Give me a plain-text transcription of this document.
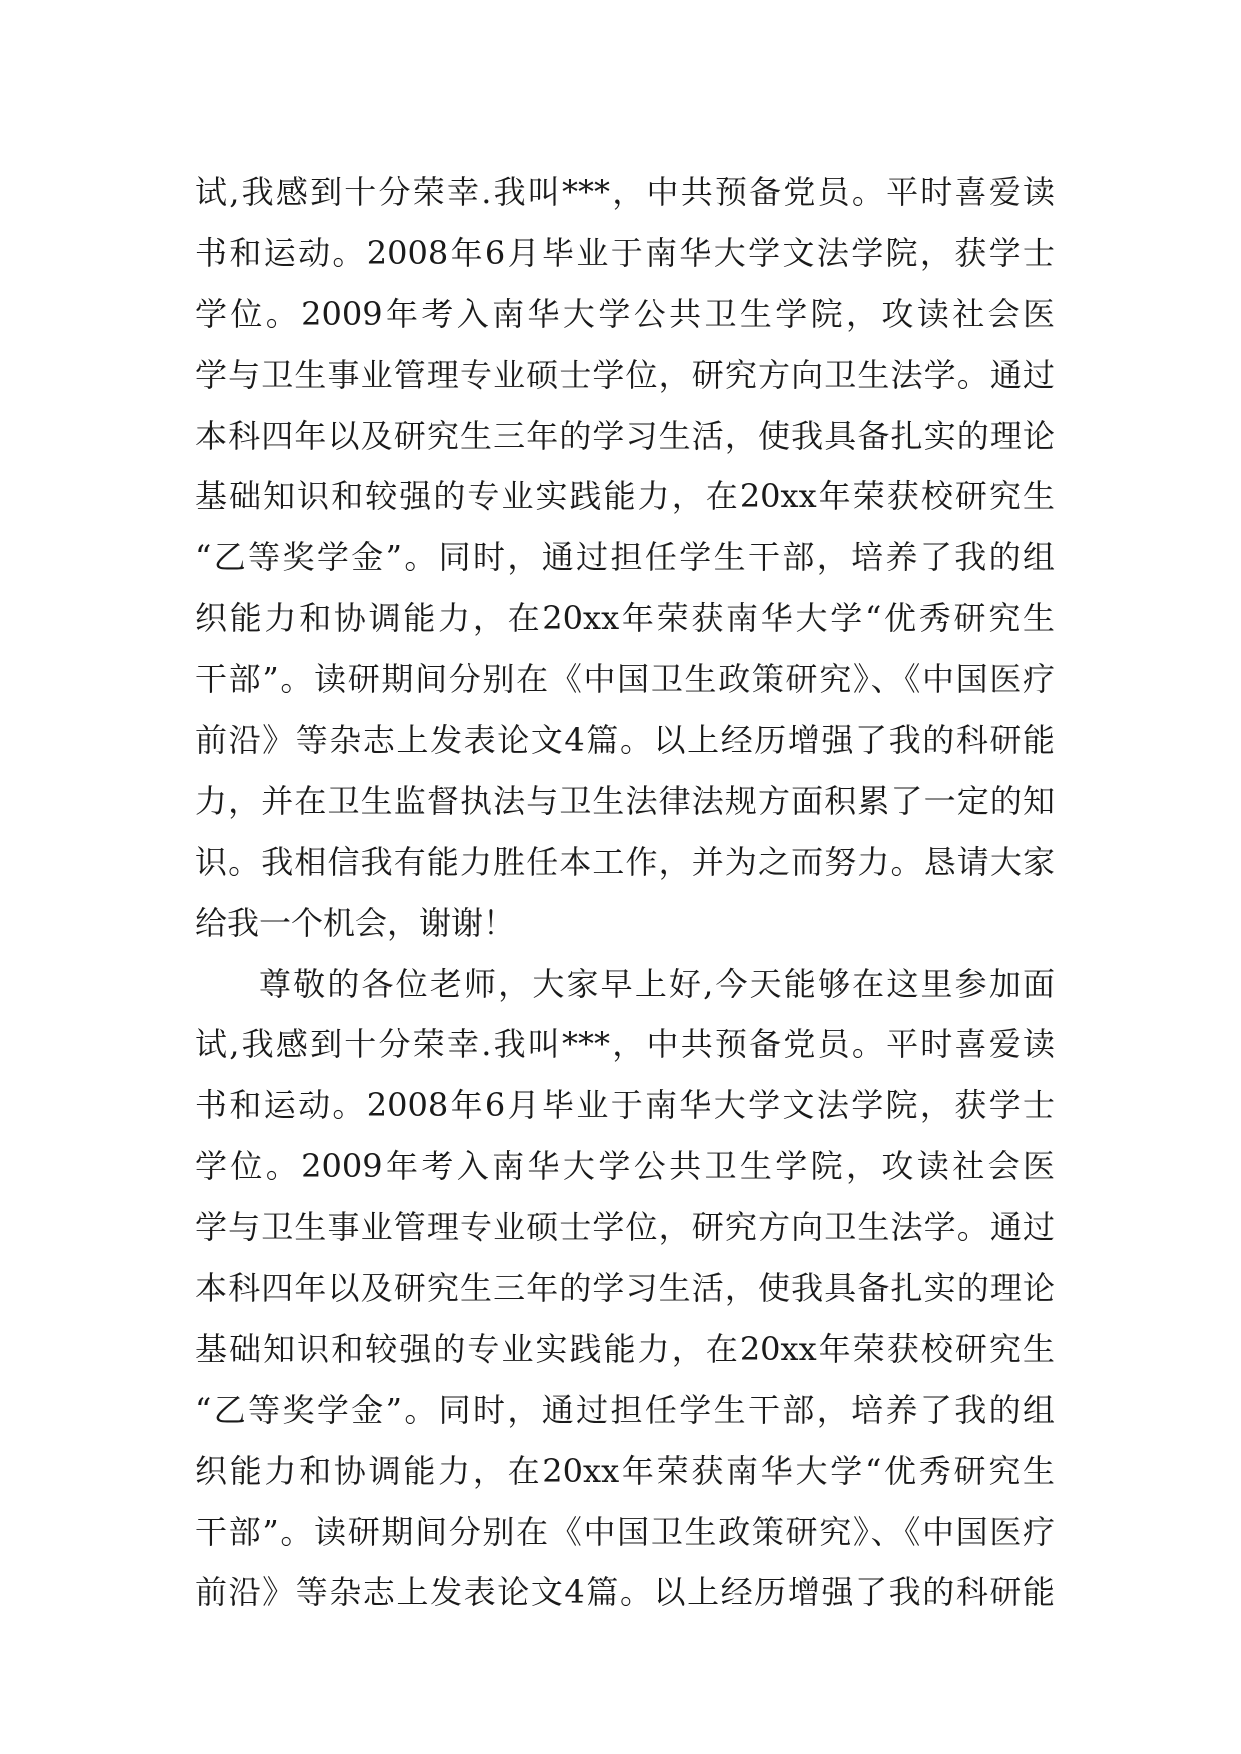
试,我感到十分荣幸.我叫***，中共预备党员。平时喜爱读
书和运动。2008年6月毕业于南华大学文法学院，获学士
学位。2009年考入南华大学公共卫生学院，攻读社会医
学与卫生事业管理专业硕士学位，研究方向卫生法学。通过
本科四年以及研究生三年的学习生活，使我具备扎实的理论
基础知识和较强的专业实践能力，在20xx年荣获校研究生
“乙等奖学金”。同时，通过担任学生干部，培养了我的组
织能力和协调能力，在20xx年荣获南华大学“优秀研究生
干部”。读研期间分别在《中国卫生政策研究》、《中国医疗
前沿》等杂志上发表论文4篇。以上经历增强了我的科研能
力，并在卫生监督执法与卫生法律法规方面积累了一定的知
识。我相信我有能力胜任本工作，并为之而努力。恳请大家
给我一个机会，谢谢！
尊敬的各位老师，大家早上好,今天能够在这里参加面
试,我感到十分荣幸.我叫***，中共预备党员。平时喜爱读
书和运动。2008年6月毕业于南华大学文法学院，获学士
学位。2009年考入南华大学公共卫生学院，攻读社会医
学与卫生事业管理专业硕士学位，研究方向卫生法学。通过
本科四年以及研究生三年的学习生活，使我具备扎实的理论
基础知识和较强的专业实践能力，在20xx年荣获校研究生
“乙等奖学金”。同时，通过担任学生干部，培养了我的组
织能力和协调能力，在20xx年荣获南华大学“优秀研究生
干部”。读研期间分别在《中国卫生政策研究》、《中国医疗
前沿》等杂志上发表论文4篇。以上经历增强了我的科研能
